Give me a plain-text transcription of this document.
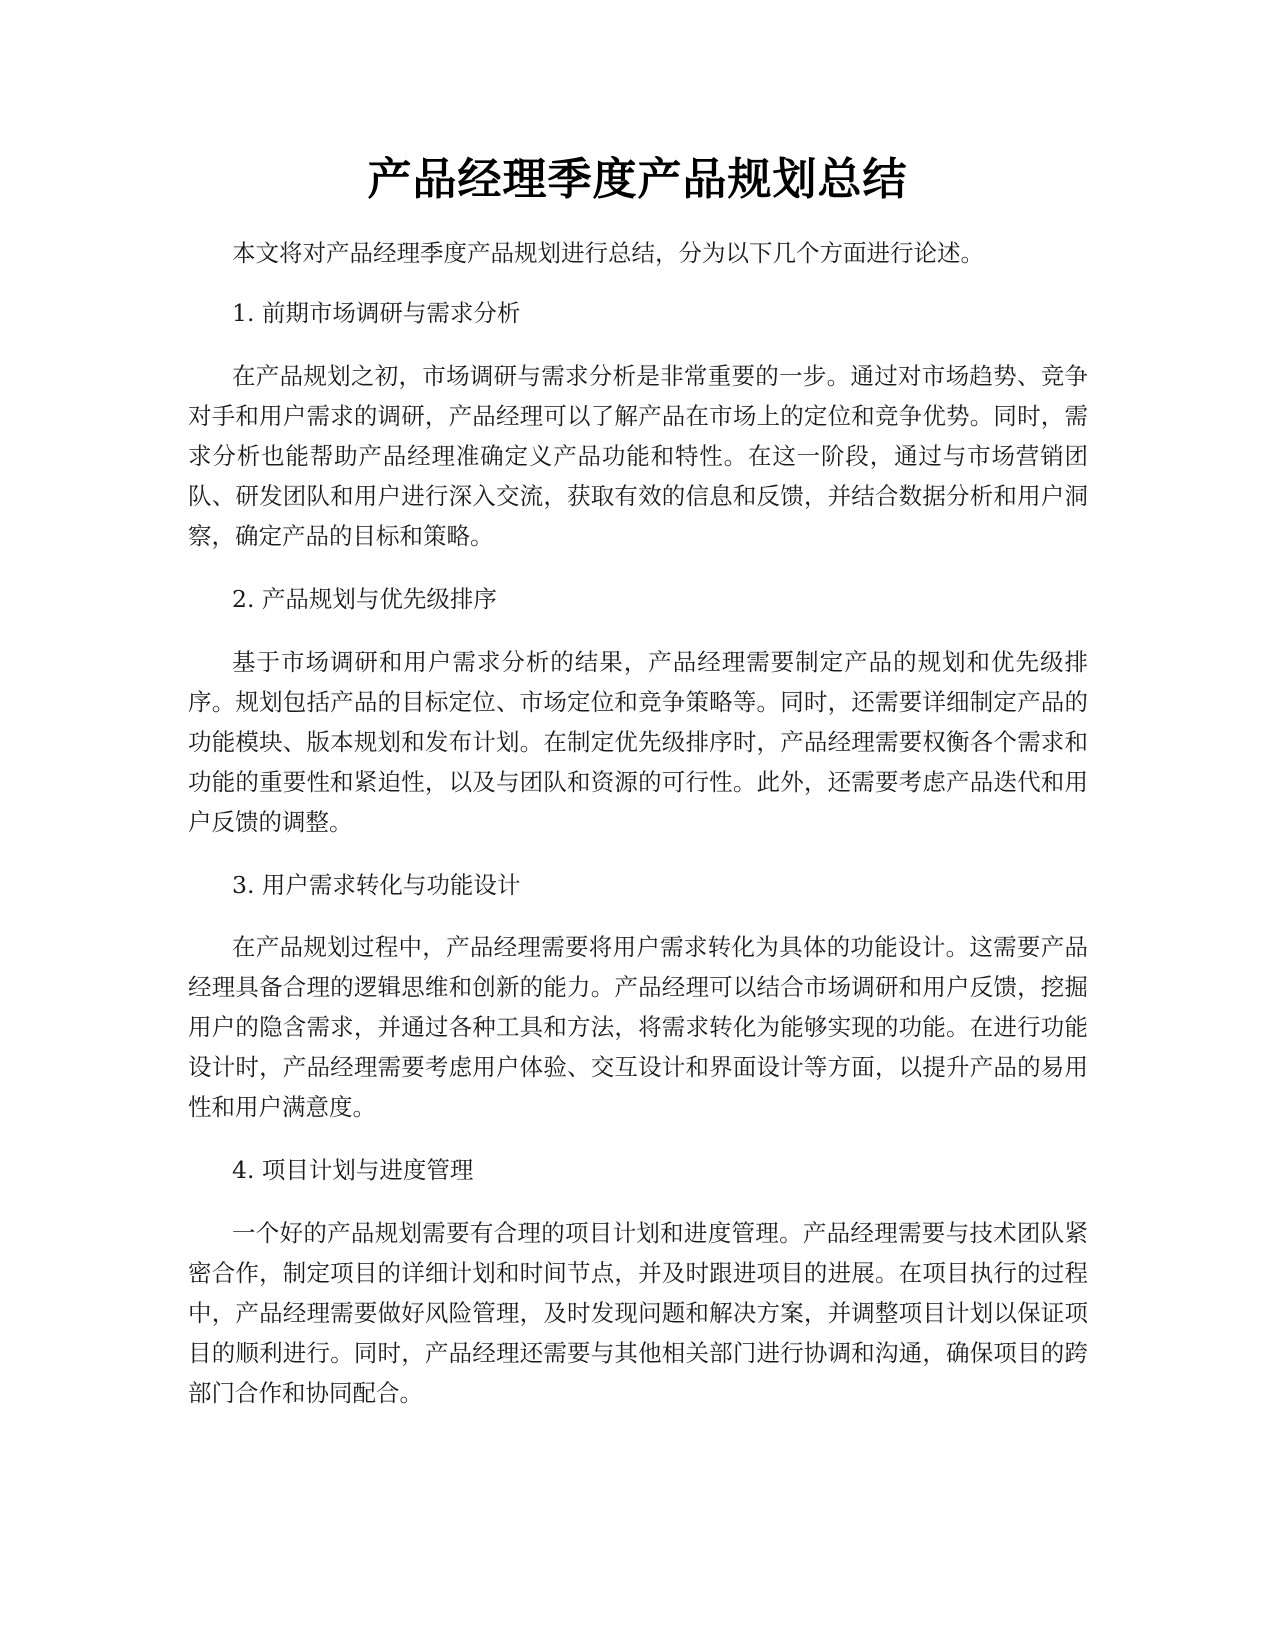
产品经理季度产品规划总结

本文将对产品经理季度产品规划进行总结，分为以下几个方面进行论述。

1. 前期市场调研与需求分析

在产品规划之初，市场调研与需求分析是非常重要的一步。通过对市场趋势、竞争对手和用户需求的调研，产品经理可以了解产品在市场上的定位和竞争优势。同时，需求分析也能帮助产品经理准确定义产品功能和特性。在这一阶段，通过与市场营销团队、研发团队和用户进行深入交流，获取有效的信息和反馈，并结合数据分析和用户洞察，确定产品的目标和策略。

2. 产品规划与优先级排序

基于市场调研和用户需求分析的结果，产品经理需要制定产品的规划和优先级排序。规划包括产品的目标定位、市场定位和竞争策略等。同时，还需要详细制定产品的功能模块、版本规划和发布计划。在制定优先级排序时，产品经理需要权衡各个需求和功能的重要性和紧迫性，以及与团队和资源的可行性。此外，还需要考虑产品迭代和用户反馈的调整。

3. 用户需求转化与功能设计

在产品规划过程中，产品经理需要将用户需求转化为具体的功能设计。这需要产品经理具备合理的逻辑思维和创新的能力。产品经理可以结合市场调研和用户反馈，挖掘用户的隐含需求，并通过各种工具和方法，将需求转化为能够实现的功能。在进行功能设计时，产品经理需要考虑用户体验、交互设计和界面设计等方面，以提升产品的易用性和用户满意度。

4. 项目计划与进度管理

一个好的产品规划需要有合理的项目计划和进度管理。产品经理需要与技术团队紧密合作，制定项目的详细计划和时间节点，并及时跟进项目的进展。在项目执行的过程中，产品经理需要做好风险管理，及时发现问题和解决方案，并调整项目计划以保证项目的顺利进行。同时，产品经理还需要与其他相关部门进行协调和沟通，确保项目的跨部门合作和协同配合。
